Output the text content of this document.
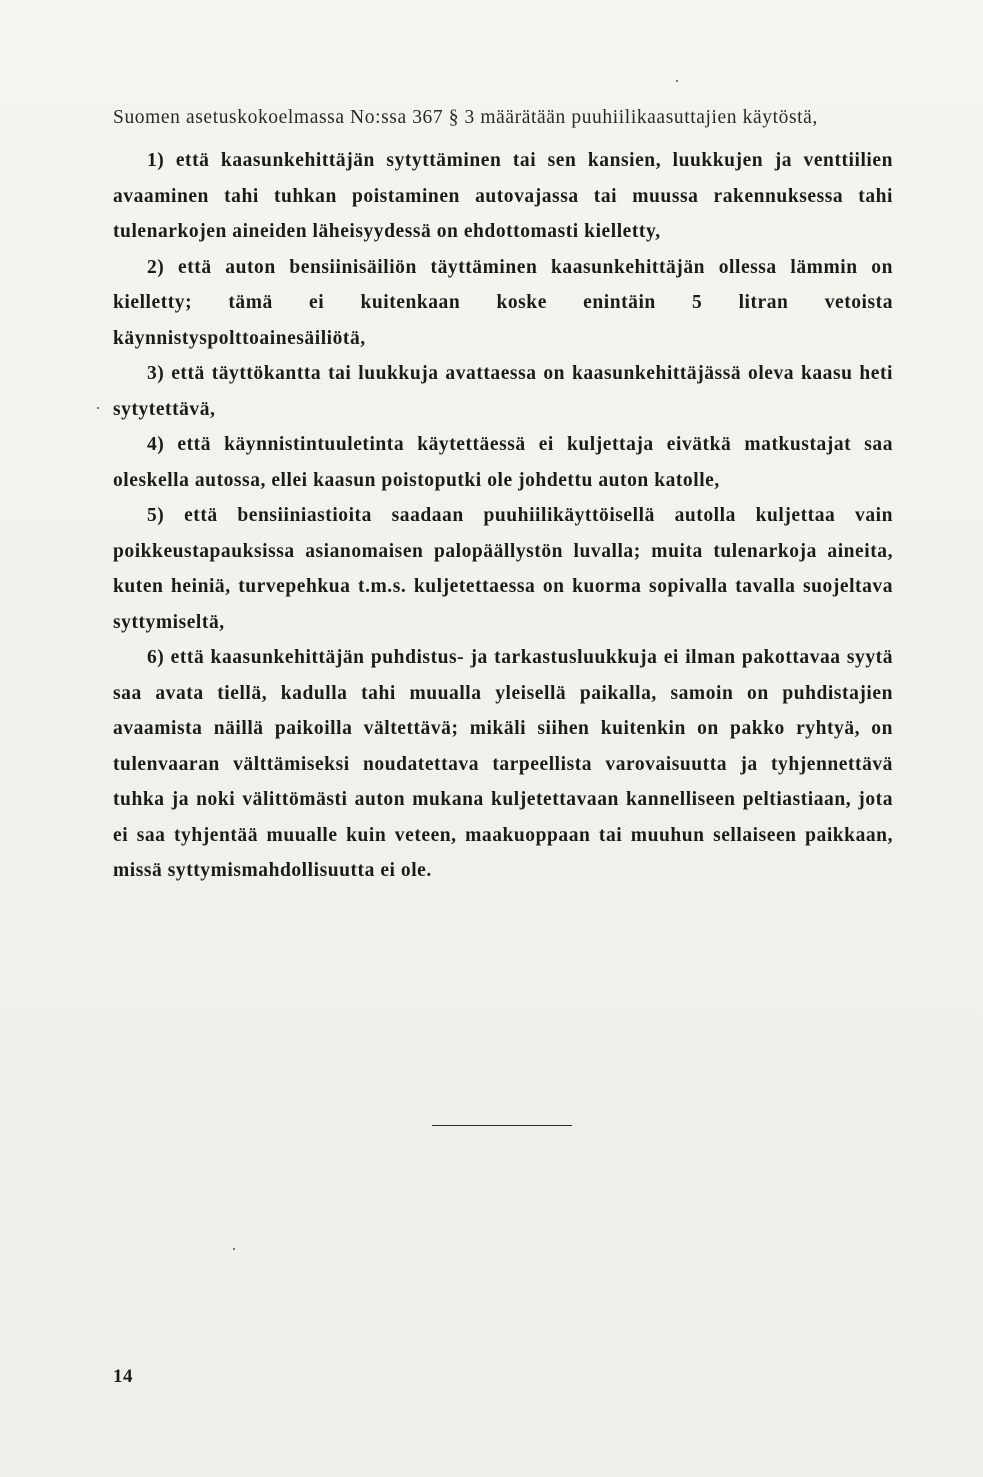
Suomen asetuskokoelmassa No:ssa 367 § 3 määrätään puuhiilikaasuttajien käytöstä,

1) että kaasunkehittäjän sytyttäminen tai sen kansien, luukkujen ja venttiilien avaaminen tahi tuhkan poistaminen autovajassa tai muussa rakennuksessa tahi tulenarkojen aineiden läheisyydessä on ehdottomasti kielletty,

2) että auton bensiinisäiliön täyttäminen kaasunkehittäjän ollessa lämmin on kielletty; tämä ei kuitenkaan koske enintäin 5 litran vetoista käynnistyspolttoainesäiliötä,

3) että täyttökantta tai luukkuja avattaessa on kaasunkehittäjässä oleva kaasu heti sytytettävä,

4) että käynnistintuuletinta käytettäessä ei kuljettaja eivätkä matkustajat saa oleskella autossa, ellei kaasun poistoputki ole johdettu auton katolle,

5) että bensiiniastioita saadaan puuhiilikäyttöisellä autolla kuljettaa vain poikkeustapauksissa asianomaisen palopäällystön luvalla; muita tulenarkoja aineita, kuten heiniä, turvepehkua t.m.s. kuljetettaessa on kuorma sopivalla tavalla suojeltava syttymiseltä,

6) että kaasunkehittäjän puhdistus- ja tarkastusluukkuja ei ilman pakottavaa syytä saa avata tiellä, kadulla tahi muualla yleisellä paikalla, samoin on puhdistajien avaamista näillä paikoilla vältettävä; mikäli siihen kuitenkin on pakko ryhtyä, on tulenvaaran välttämiseksi noudatettava tarpeellista varovaisuutta ja tyhjennettävä tuhka ja noki välittömästi auton mukana kuljetettavaan kannelliseen peltiastiaan, jota ei saa tyhjentää muualle kuin veteen, maakuoppaan tai muuhun sellaiseen paikkaan, missä syttymismahdollisuutta ei ole.

14
